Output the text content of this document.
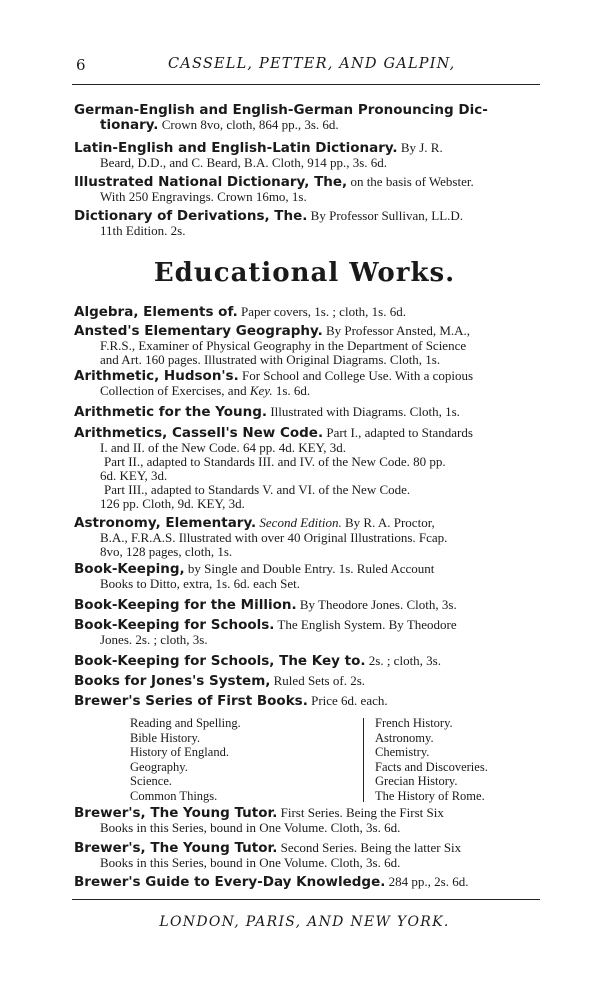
6	CASSELL, PETTER, AND GALPIN,
German-English and English-German Pronouncing Dic-

tionary. Crown 8vo, cloth, 864 pp., 3s. 6d.
Latin-English and English-Latin Dictionary. By J. R.

Beard, D.D., and C. Beard, B.A. Cloth, 914 pp., 3s. 6d.
Illustrated National Dictionary, The, on the basis of Webster.

With 250 Engravings. Crown 16mo, 1s.
Dictionary of Derivations, The. By Professor Sullivan, LL.D.

11th Edition. 2s.
Educational Works.
Algebra, Elements of. Paper covers, 1s. ; cloth, 1s. 6d.
Ansted's Elementary Geography. By Professor Ansted, M.A.,

F.R.S., Examiner of Physical Geography in the Department of Science
and Art. 160 pages. Illustrated with Original Diagrams. Cloth, 1s.
Arithmetic, Hudson's. For School and College Use. With a copious

Collection of Exercises, and Key. 1s. 6d.
Arithmetic for the Young. Illustrated with Diagrams. Cloth, 1s.
Arithmetics, Cassell's New Code. Part I., adapted to Standards

I. and II. of the New Code. 64 pp. 4d. KEY, 3d.
Part II., adapted to Standards III. and IV. of the New Code. 80 pp.
6d. KEY, 3d.
Part III., adapted to Standards V. and VI. of the New Code.
126 pp. Cloth, 9d. KEY, 3d.
Astronomy, Elementary. Second Edition. By R. A. Proctor,

B.A., F.R.A.S. Illustrated with over 40 Original Illustrations. Fcap.
8vo, 128 pages, cloth, 1s.
Book-Keeping, by Single and Double Entry. 1s. Ruled Account

Books to Ditto, extra, 1s. 6d. each Set.
Book-Keeping for the Million. By Theodore Jones. Cloth, 3s.
Book-Keeping for Schools. The English System. By Theodore

Jones. 2s. ; cloth, 3s.
Book-Keeping for Schools, The Key to. 2s. ; cloth, 3s.
Books for Jones's System, Ruled Sets of. 2s.
Brewer's Series of First Books. Price 6d. each.
Reading and Spelling.
Bible History.
History of England.
Geography.
Science.
Common Things.
French History.
Astronomy.
Chemistry.
Facts and Discoveries.
Grecian History.
The History of Rome.
Brewer's, The Young Tutor. First Series. Being the First Six

Books in this Series, bound in One Volume. Cloth, 3s. 6d.
Brewer's, The Young Tutor. Second Series. Being the latter Six

Books in this Series, bound in One Volume. Cloth, 3s. 6d.
Brewer's Guide to Every-Day Knowledge. 284 pp., 2s. 6d.
LONDON, PARIS, AND NEW YORK.
